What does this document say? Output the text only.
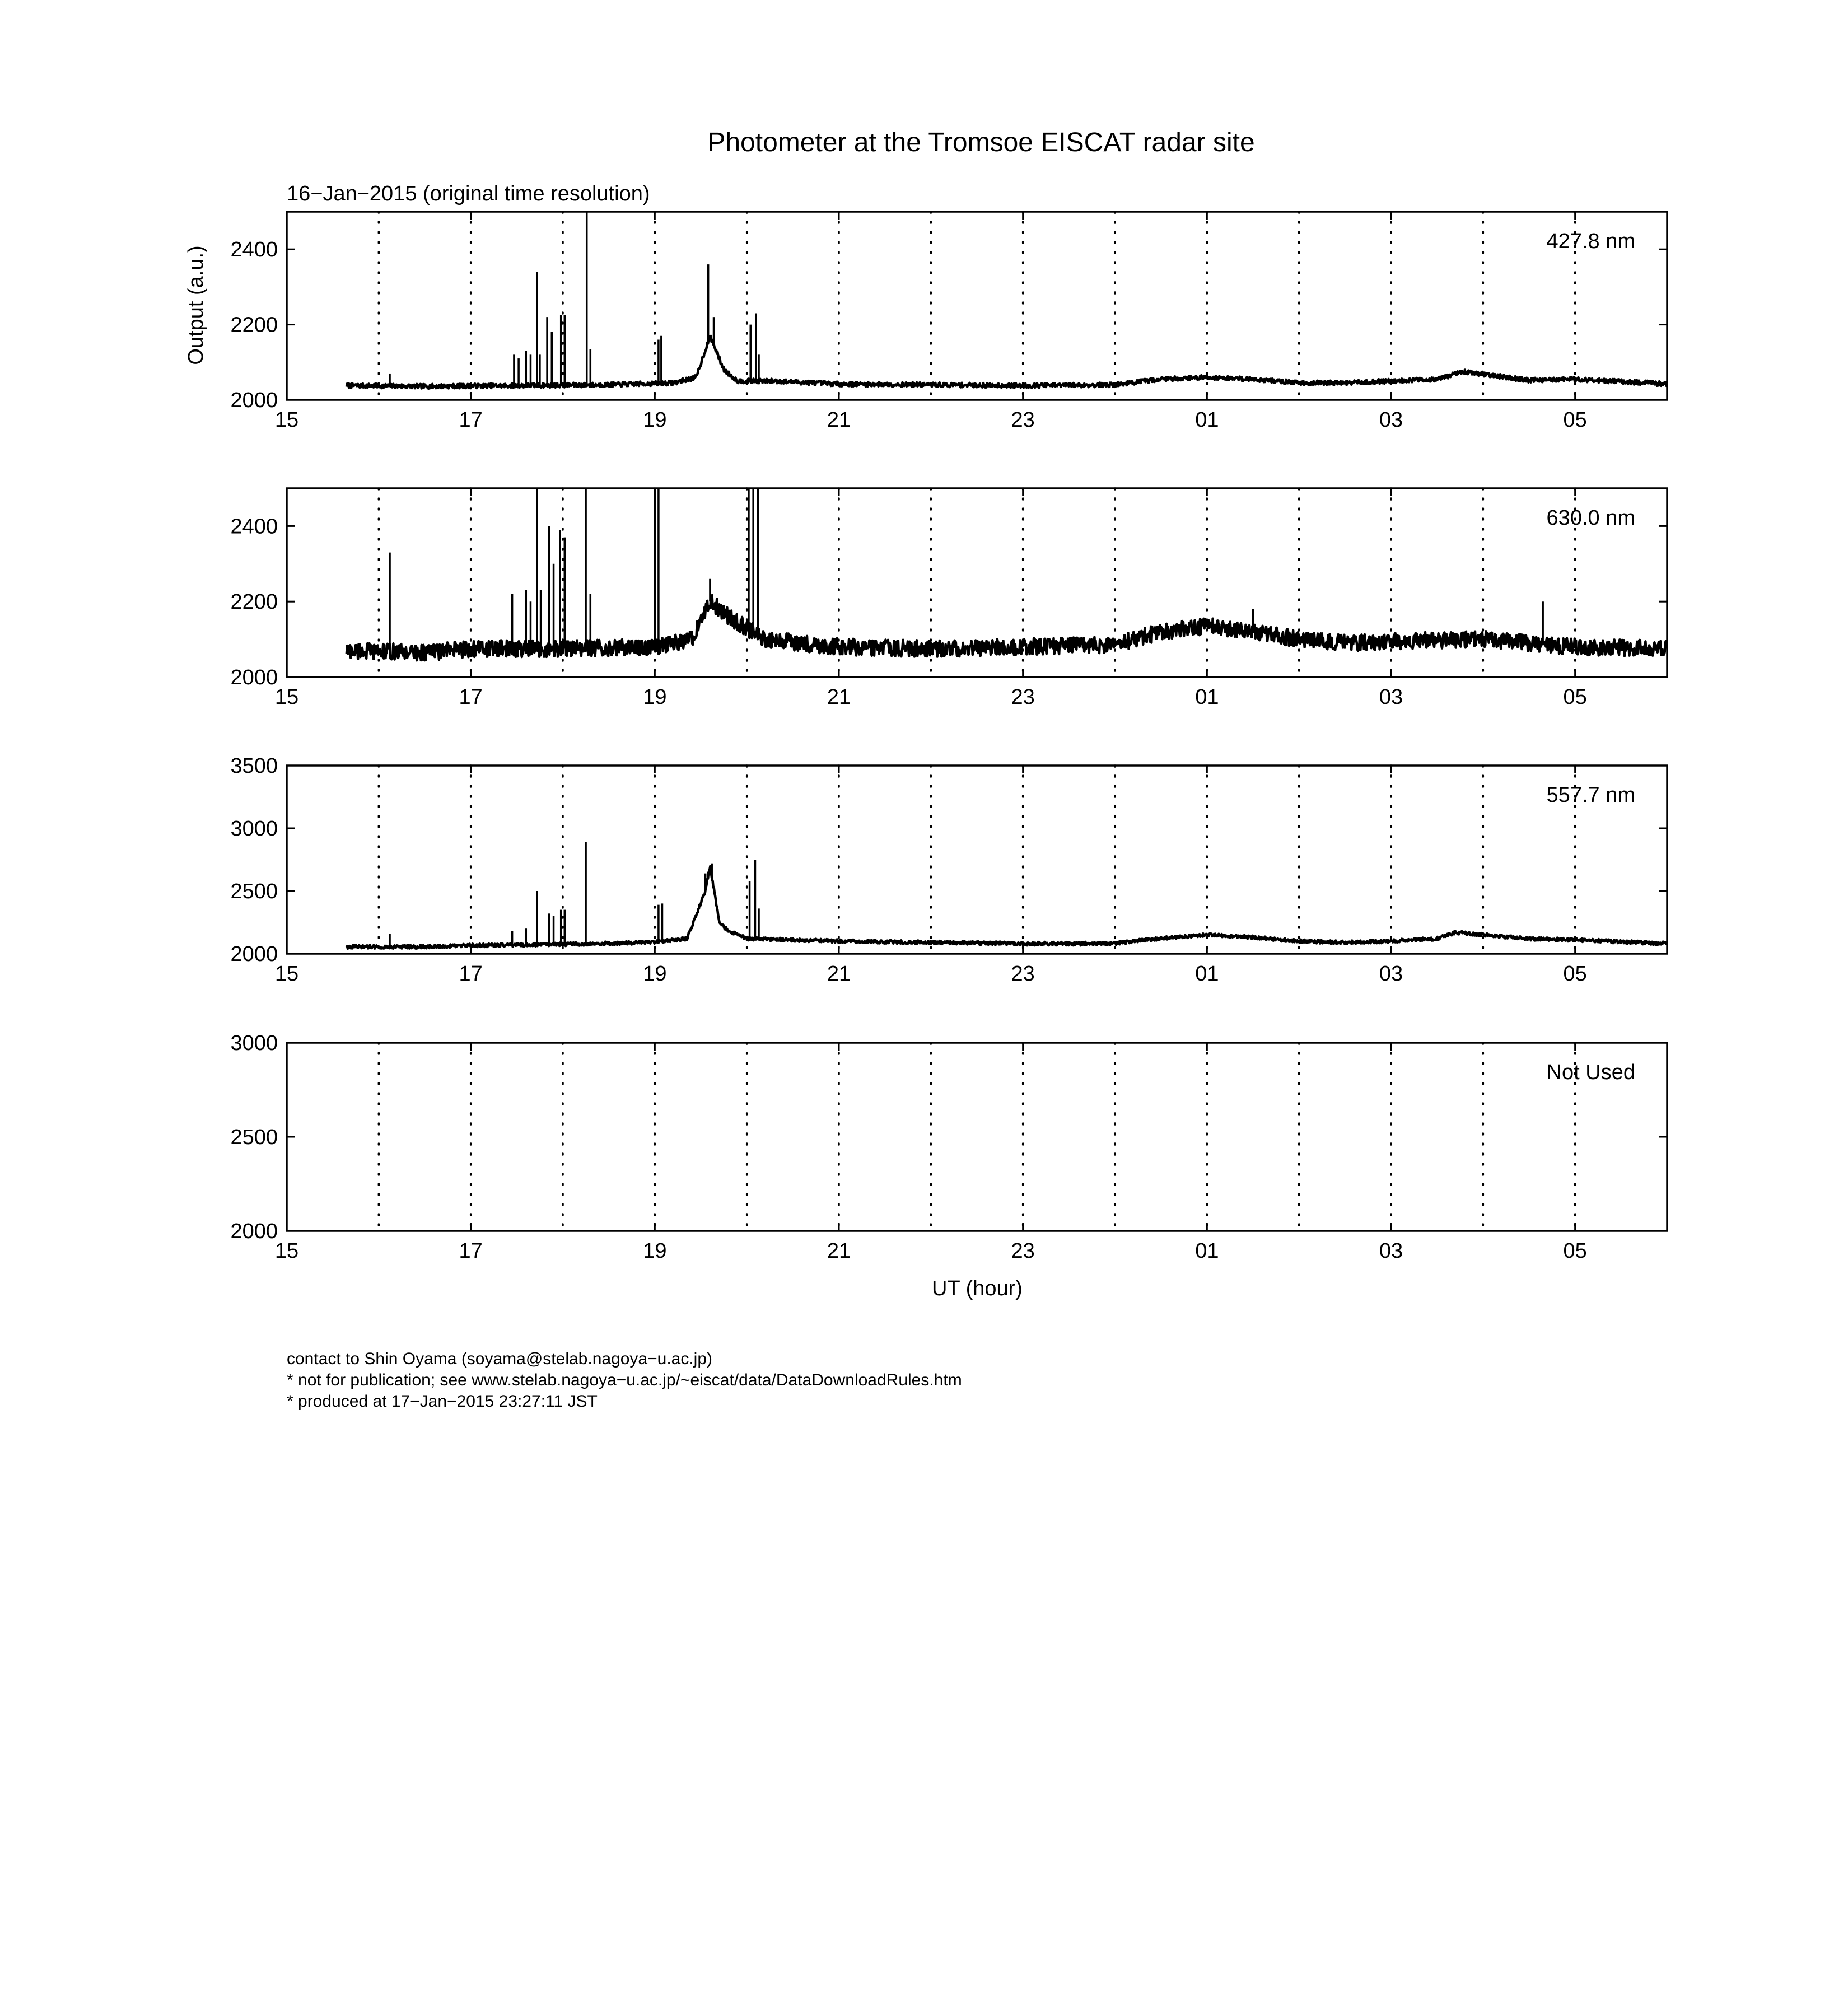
Photometer at the Tromsoe EISCAT radar site
16−Jan−2015 (original time resolution)
Output (a.u.)
UT (hour)
15	17	19	21	23	01	03	05
2000
2200
2400	427.8 nm
15	17	19	21	23	01	03	05
2000
2200
2400	630.0 nm
15	17	19	21	23	01	03	05
2000
2500
3000
3500
557.7 nm
15	17	19	21	23	01	03	05
2000
2500
3000
Not Used
contact to Shin Oyama (soyama@stelab.nagoya−u.ac.jp)
* not for publication; see www.stelab.nagoya−u.ac.jp/~eiscat/data/DataDownloadRules.htm
* produced at 17−Jan−2015 23:27:11 JST
